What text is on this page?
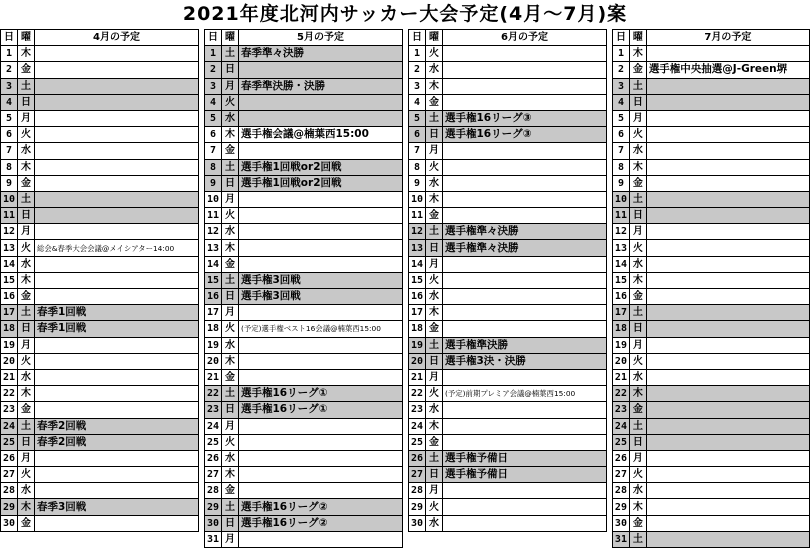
2021年度北河内サッカー大会予定(4月～7月)案
日	曜	4月の予定
1	木	
2	金	
3	土	
4	日	
5	月	
6	火	
7	水	
8	木	
9	金	
10	土	
11	日	
12	月	
13	火	総会&春季大会会議@メイシアター14:00
14	水	
15	木	
16	金	
17	土	春季1回戦
18	日	春季1回戦
19	月	
20	火	
21	水	
22	木	
23	金	
24	土	春季2回戦
25	日	春季2回戦
26	月	
27	火	
28	水	
29	木	春季3回戦
30	金	
日	曜	5月の予定
1	土	春季準々決勝
2	日	
3	月	春季準決勝・決勝
4	火	
5	水	
6	木	選手権会議@楠葉西15:00
7	金	
8	土	選手権1回戦or2回戦
9	日	選手権1回戦or2回戦
10	月	
11	火	
12	水	
13	木	
14	金	
15	土	選手権3回戦
16	日	選手権3回戦
17	月	
18	火	(予定)選手権ベスト16会議@楠葉西15:00
19	水	
20	木	
21	金	
22	土	選手権16リーグ①
23	日	選手権16リーグ①
24	月	
25	火	
26	水	
27	木	
28	金	
29	土	選手権16リーグ②
30	日	選手権16リーグ②
31	月	
日	曜	6月の予定
1	火	
2	水	
3	木	
4	金	
5	土	選手権16リーグ③
6	日	選手権16リーグ③
7	月	
8	火	
9	水	
10	木	
11	金	
12	土	選手権準々決勝
13	日	選手権準々決勝
14	月	
15	火	
16	水	
17	木	
18	金	
19	土	選手権準決勝
20	日	選手権3決・決勝
21	月	
22	火	(予定)前期プレミア会議@楠葉西15:00
23	水	
24	木	
25	金	
26	土	選手権予備日
27	日	選手権予備日
28	月	
29	火	
30	水	
日	曜	7月の予定
1	木	
2	金	選手権中央抽選@J-Green堺
3	土	
4	日	
5	月	
6	火	
7	水	
8	木	
9	金	
10	土	
11	日	
12	月	
13	火	
14	水	
15	木	
16	金	
17	土	
18	日	
19	月	
20	火	
21	水	
22	木	
23	金	
24	土	
25	日	
26	月	
27	火	
28	水	
29	木	
30	金	
31	土	
